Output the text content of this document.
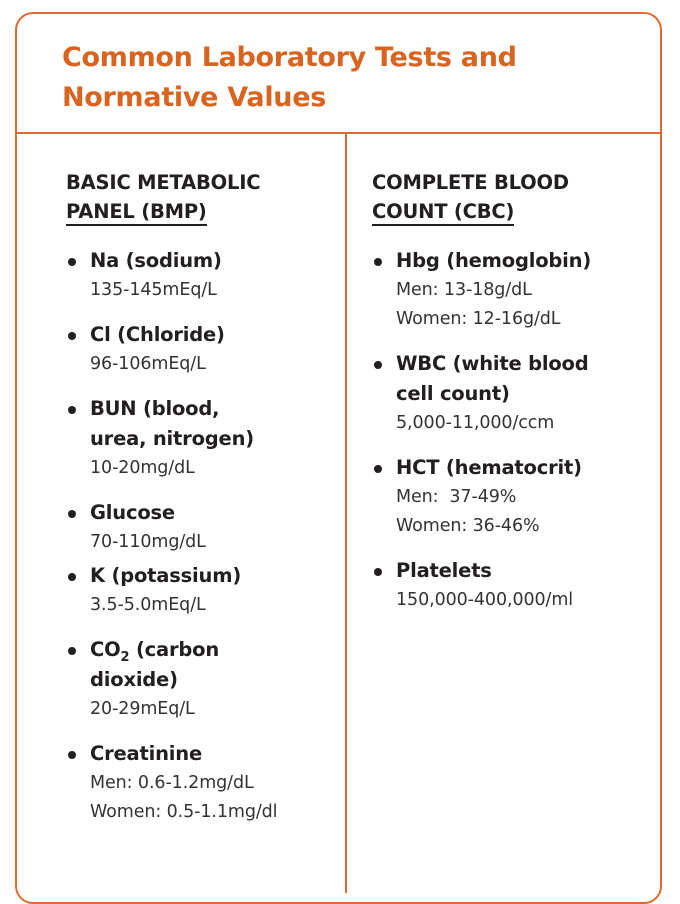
Common Laboratory Tests and
Normative Values
BASIC METABOLIC
PANEL (BMP)
Na (sodium)
135-145mEq/L
Cl (Chloride)
96-106mEq/L
BUN (blood,
urea, nitrogen)
10-20mg/dL
Glucose
70-110mg/dL
K (potassium)
3.5-5.0mEq/L
$CO_2$ (carbon
dioxide)
20-29mEq/L
Creatinine
Men: 0.6-1.2mg/dL
Women: 0.5-1.1mg/dl
COMPLETE BLOOD
COUNT (CBC)
Hbg (hemoglobin)
Men: 13-18g/dL
Women: 12-16g/dL
WBC (white blood
cell count)
5,000-11,000/ccm
HCT (hematocrit)
Men:  37-49%
Women: 36-46%
Platelets
150,000-400,000/ml
